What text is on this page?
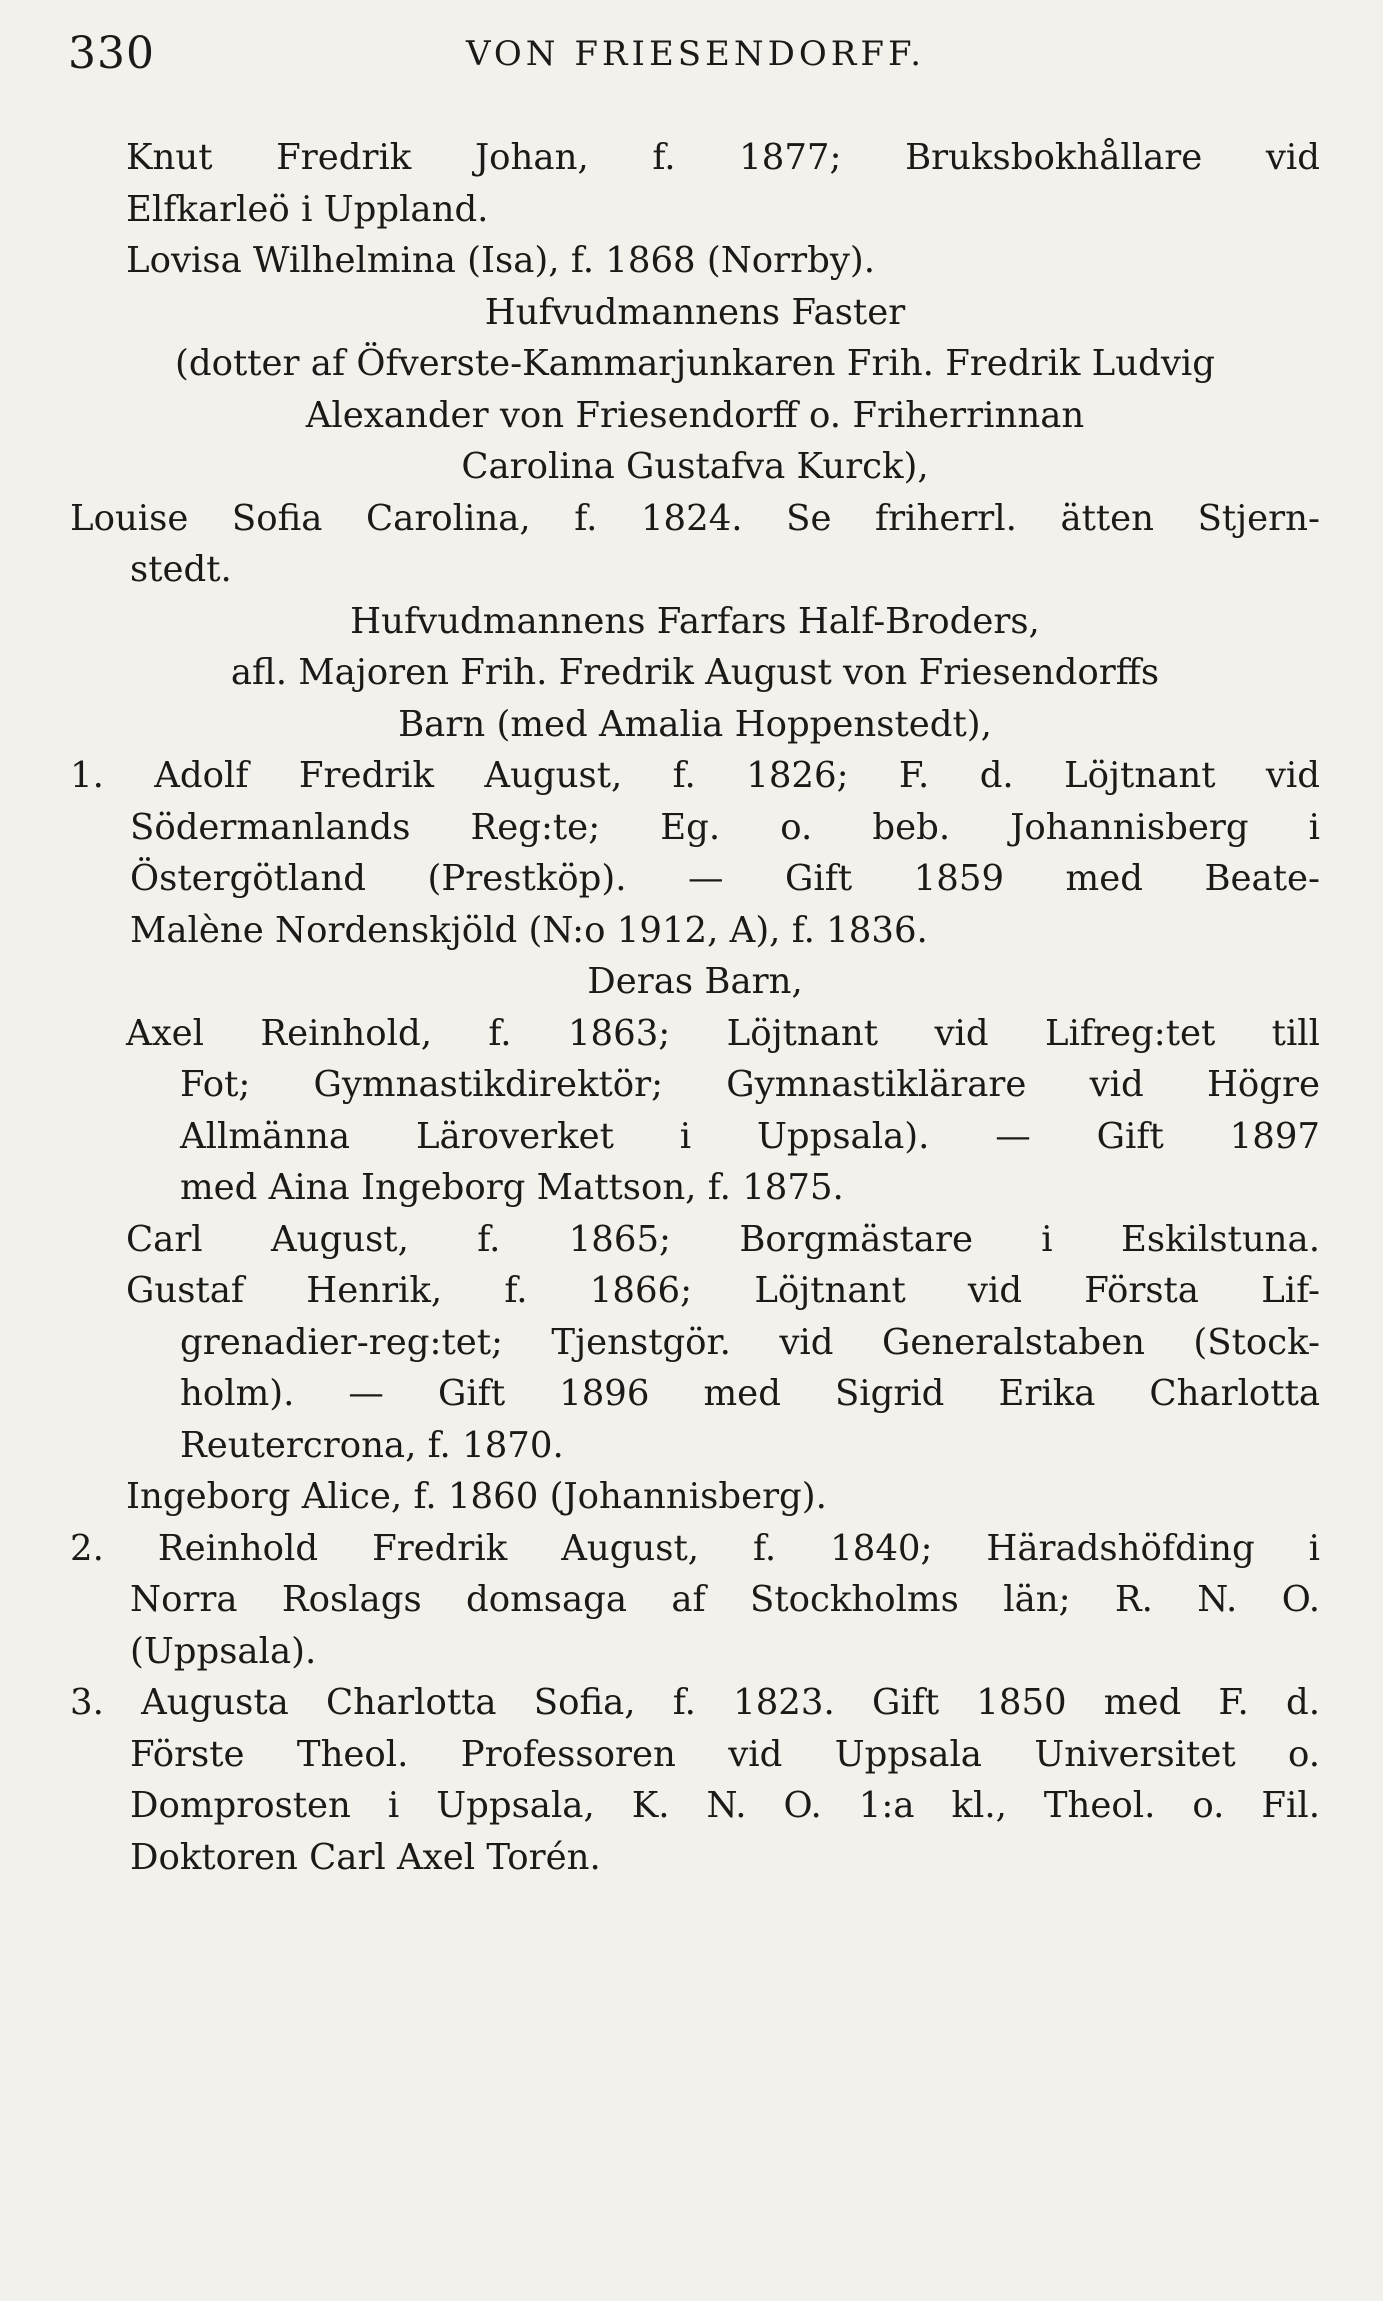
330	VON FRIESENDORFF.
Knut Fredrik Johan, f. 1877; Bruksbokhållare vid
Elfkarleö i Uppland.
Lovisa Wilhelmina (Isa), f. 1868 (Norrby).
Hufvudmannens Faster
(dotter af Öfverste-Kammarjunkaren Frih. Fredrik Ludvig
Alexander von Friesendorff o. Friherrinnan
Carolina Gustafva Kurck),
Louise Sofia Carolina, f. 1824. Se friherrl. ätten Stjern-
stedt.
Hufvudmannens Farfars Half-Broders,
afl. Majoren Frih. Fredrik August von Friesendorffs
Barn (med Amalia Hoppenstedt),
1. Adolf Fredrik August, f. 1826; F. d. Löjtnant vid
Södermanlands Reg:te; Eg. o. beb. Johannisberg i
Östergötland (Prestköp). — Gift 1859 med Beate-
Malène Nordenskjöld (N:o 1912, A), f. 1836.
Deras Barn,
Axel Reinhold, f. 1863; Löjtnant vid Lifreg:tet till
Fot; Gymnastikdirektör; Gymnastiklärare vid Högre
Allmänna Läroverket i Uppsala). — Gift 1897
med Aina Ingeborg Mattson, f. 1875.
Carl August, f. 1865; Borgmästare i Eskilstuna.
Gustaf Henrik, f. 1866; Löjtnant vid Första Lif-
grenadier-reg:tet; Tjenstgör. vid Generalstaben (Stock-
holm). — Gift 1896 med Sigrid Erika Charlotta
Reutercrona, f. 1870.
Ingeborg Alice, f. 1860 (Johannisberg).
2. Reinhold Fredrik August, f. 1840; Häradshöfding i
Norra Roslags domsaga af Stockholms län; R. N. O.
(Uppsala).
3. Augusta Charlotta Sofia, f. 1823. Gift 1850 med F. d.
Förste Theol. Professoren vid Uppsala Universitet o.
Domprosten i Uppsala, K. N. O. 1:a kl., Theol. o. Fil.
Doktoren Carl Axel Torén.
